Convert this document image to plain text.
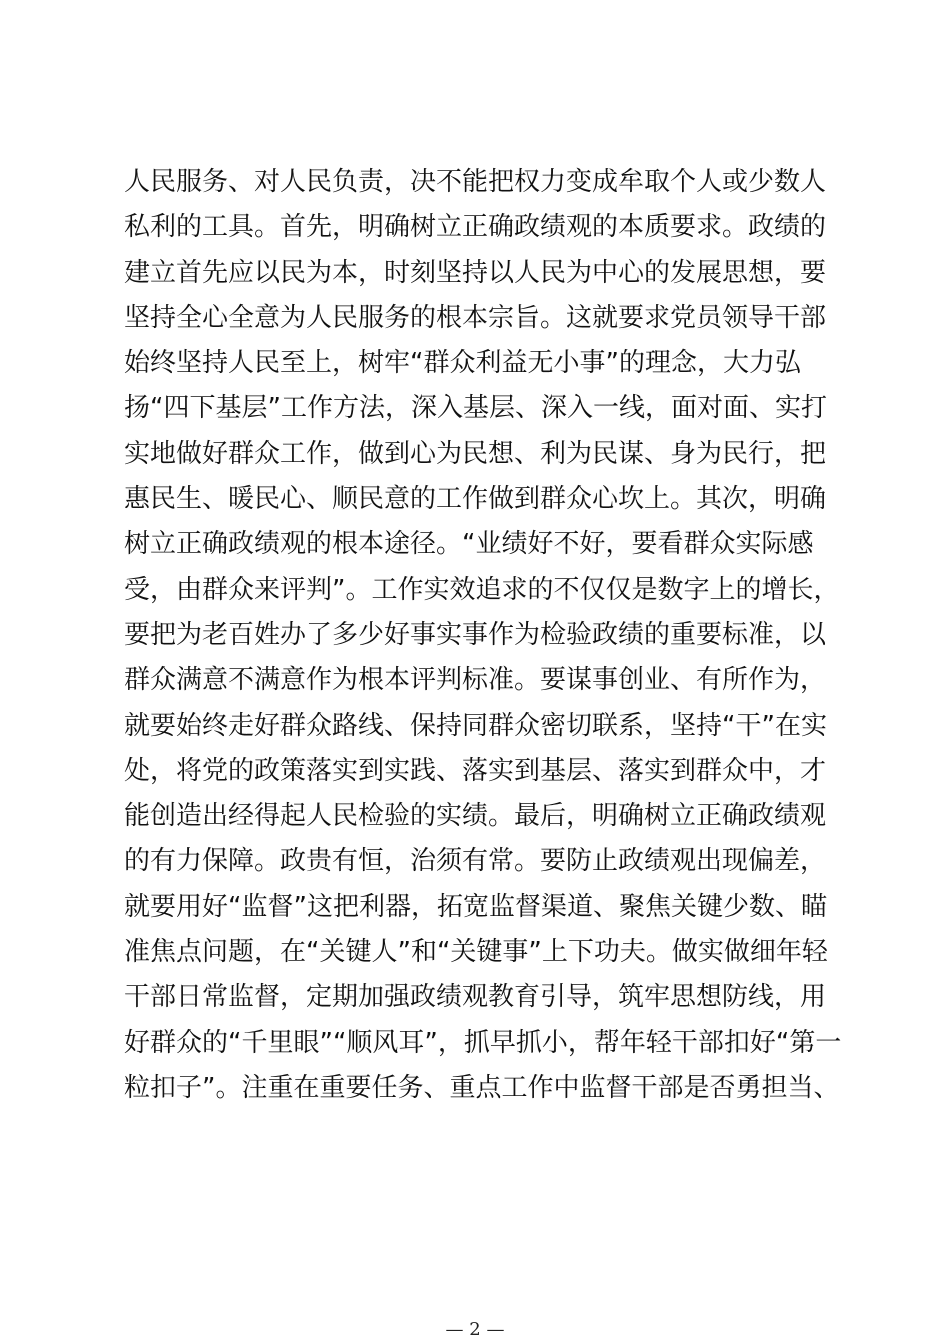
人民服务、对人民负责，决不能把权力变成牟取个人或少数人
私利的工具。首先，明确树立正确政绩观的本质要求。政绩的
建立首先应以民为本，时刻坚持以人民为中心的发展思想，要
坚持全心全意为人民服务的根本宗旨。这就要求党员领导干部
始终坚持人民至上，树牢“群众利益无小事”的理念，大力弘
扬“四下基层”工作方法，深入基层、深入一线，面对面、实打
实地做好群众工作，做到心为民想、利为民谋、身为民行，把
惠民生、暖民心、顺民意的工作做到群众心坎上。其次，明确
树立正确政绩观的根本途径。“业绩好不好，要看群众实际感
受，由群众来评判”。工作实效追求的不仅仅是数字上的增长，
要把为老百姓办了多少好事实事作为检验政绩的重要标准，以
群众满意不满意作为根本评判标准。要谋事创业、有所作为，
就要始终走好群众路线、保持同群众密切联系，坚持“干”在实
处，将党的政策落实到实践、落实到基层、落实到群众中，才
能创造出经得起人民检验的实绩。最后，明确树立正确政绩观
的有力保障。政贵有恒，治须有常。要防止政绩观出现偏差，
就要用好“监督”这把利器，拓宽监督渠道、聚焦关键少数、瞄
准焦点问题，在“关键人”和“关键事”上下功夫。做实做细年轻
干部日常监督，定期加强政绩观教育引导，筑牢思想防线，用
好群众的“千里眼”“顺风耳”，抓早抓小，帮年轻干部扣好“第一
粒扣子”。注重在重要任务、重点工作中监督干部是否勇担当、
— 2 —
